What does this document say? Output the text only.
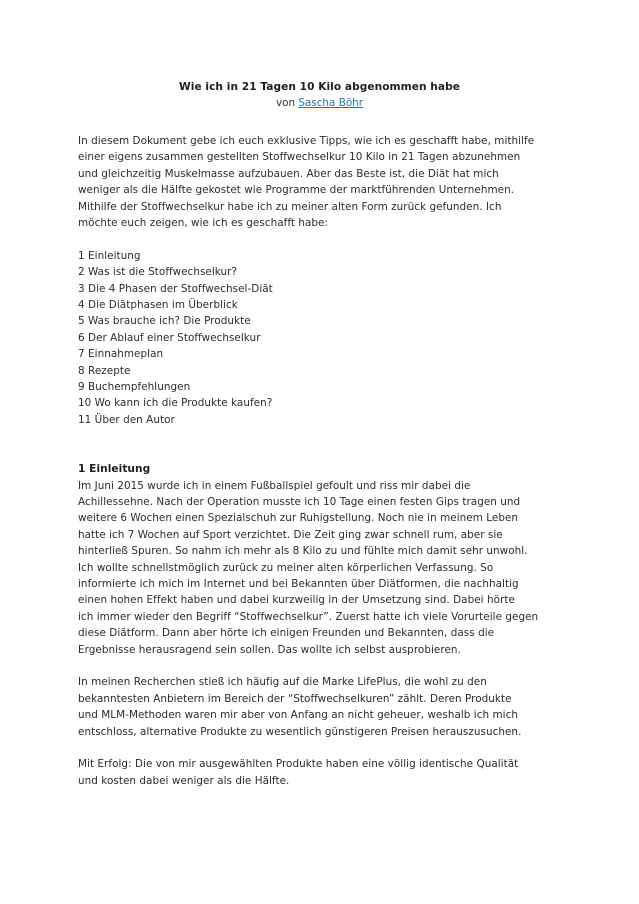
Wie ich in 21 Tagen 10 Kilo abgenommen habe

von Sascha Böhr

In diesem Dokument gebe ich euch exklusive Tipps, wie ich es geschafft habe, mithilfe
einer eigens zusammen gestellten Stoffwechselkur 10 Kilo in 21 Tagen abzunehmen
und gleichzeitig Muskelmasse aufzubauen. Aber das Beste ist, die Diät hat mich
weniger als die Hälfte gekostet wie Programme der marktführenden Unternehmen.
Mithilfe der Stoffwechselkur habe ich zu meiner alten Form zurück gefunden. Ich
möchte euch zeigen, wie ich es geschafft habe:

1 Einleitung
2 Was ist die Stoffwechselkur?
3 Die 4 Phasen der Stoffwechsel-Diät
4 Die Diätphasen im Überblick
5 Was brauche ich? Die Produkte
6 Der Ablauf einer Stoffwechselkur
7 Einnahmeplan
8 Rezepte
9 Buchempfehlungen
10 Wo kann ich die Produkte kaufen?
11 Über den Autor

1 Einleitung

Im Juni 2015 wurde ich in einem Fußballspiel gefoult und riss mir dabei die
Achillessehne. Nach der Operation musste ich 10 Tage einen festen Gips tragen und
weitere 6 Wochen einen Spezialschuh zur Ruhigstellung. Noch nie in meinem Leben
hatte ich 7 Wochen auf Sport verzichtet. Die Zeit ging zwar schnell rum, aber sie
hinterließ Spuren. So nahm ich mehr als 8 Kilo zu und fühlte mich damit sehr unwohl.
Ich wollte schnellstmöglich zurück zu meiner alten körperlichen Verfassung. So
informierte ich mich im Internet und bei Bekannten über Diätformen, die nachhaltig
einen hohen Effekt haben und dabei kurzweilig in der Umsetzung sind. Dabei hörte
ich immer wieder den Begriff “Stoffwechselkur”. Zuerst hatte ich viele Vorurteile gegen
diese Diätform. Dann aber hörte ich einigen Freunden und Bekannten, dass die
Ergebnisse herausragend sein sollen. Das wollte ich selbst ausprobieren.

In meinen Recherchen stieß ich häufig auf die Marke LifePlus, die wohl zu den
bekanntesten Anbietern im Bereich der “Stoffwechselkuren” zählt. Deren Produkte
und MLM-Methoden waren mir aber von Anfang an nicht geheuer, weshalb ich mich
entschloss, alternative Produkte zu wesentlich günstigeren Preisen herauszusuchen.

Mit Erfolg: Die von mir ausgewählten Produkte haben eine völlig identische Qualität
und kosten dabei weniger als die Hälfte.
